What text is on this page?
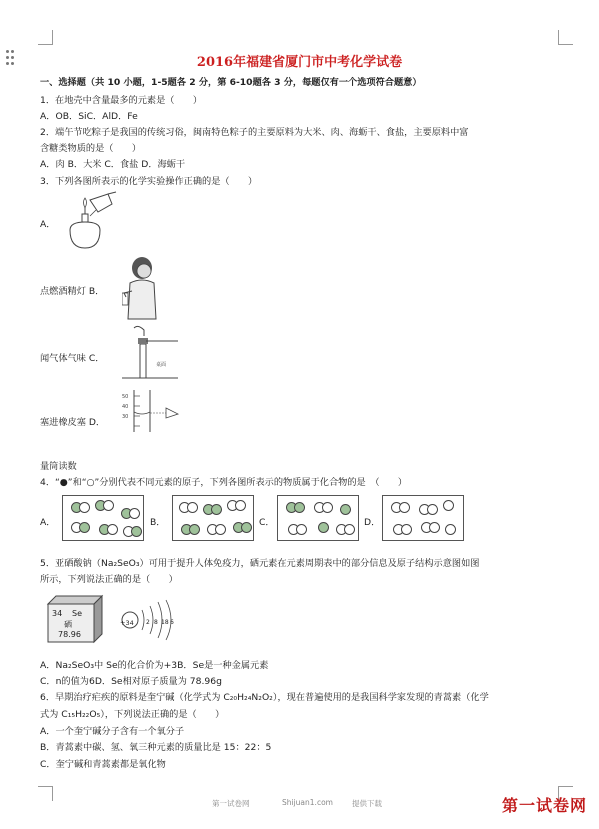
2016年福建省厦门市中考化学试卷
一、选择题（共 10 小题，1-5题各 2 分，第 6-10题各 3 分，每题仅有一个选项符合题意）
1．在地壳中含量最多的元素是（　　）
A．OB．SiC．AlD．Fe
2．端午节吃粽子是我国的传统习俗，闽南特色粽子的主要原料为大米、肉、海蛎干、食盐，主要原料中富
含糖类物质的是（　　）
A．肉 B．大米 C．食盐 D．海蛎干
3．下列各图所表示的化学实验操作正确的是（　　）
A．
点燃酒精灯 B．
桌面
闻气体气味 C．
50
40
30
塞进橡皮塞 D．
量筒读数
4．“●”和“○”分别代表不同元素的原子，下列各图所表示的物质属于化合物的是　（　　）
A．	B．	C．	D．
5．亚硒酸钠（Na₂SeO₃）可用于提升人体免疫力，硒元素在元素周期表中的部分信息及原子结构示意图如图
所示，下列说法正确的是（　　）
34 Se
硒
78.96
+34 2 8 18 6
A．Na₂SeO₃中 Se的化合价为+3B．Se是一种金属元素
C．n的值为6D．Se相对原子质量为 78.96g
6．早期治疗疟疾的原料是奎宁碱（化学式为 C₂₀H₂₄N₂O₂），现在普遍使用的是我国科学家发现的青蒿素（化学
式为 C₁₅H₂₂O₅），下列说法正确的是（　　）
A．一个奎宁碱分子含有一个氧分子
B．青蒿素中碳、氢、氧三种元素的质量比是 15：22：5
C．奎宁碱和青蒿素都是氧化物
第一试卷网	Shijuan1.com	提供下载	第一试卷网
